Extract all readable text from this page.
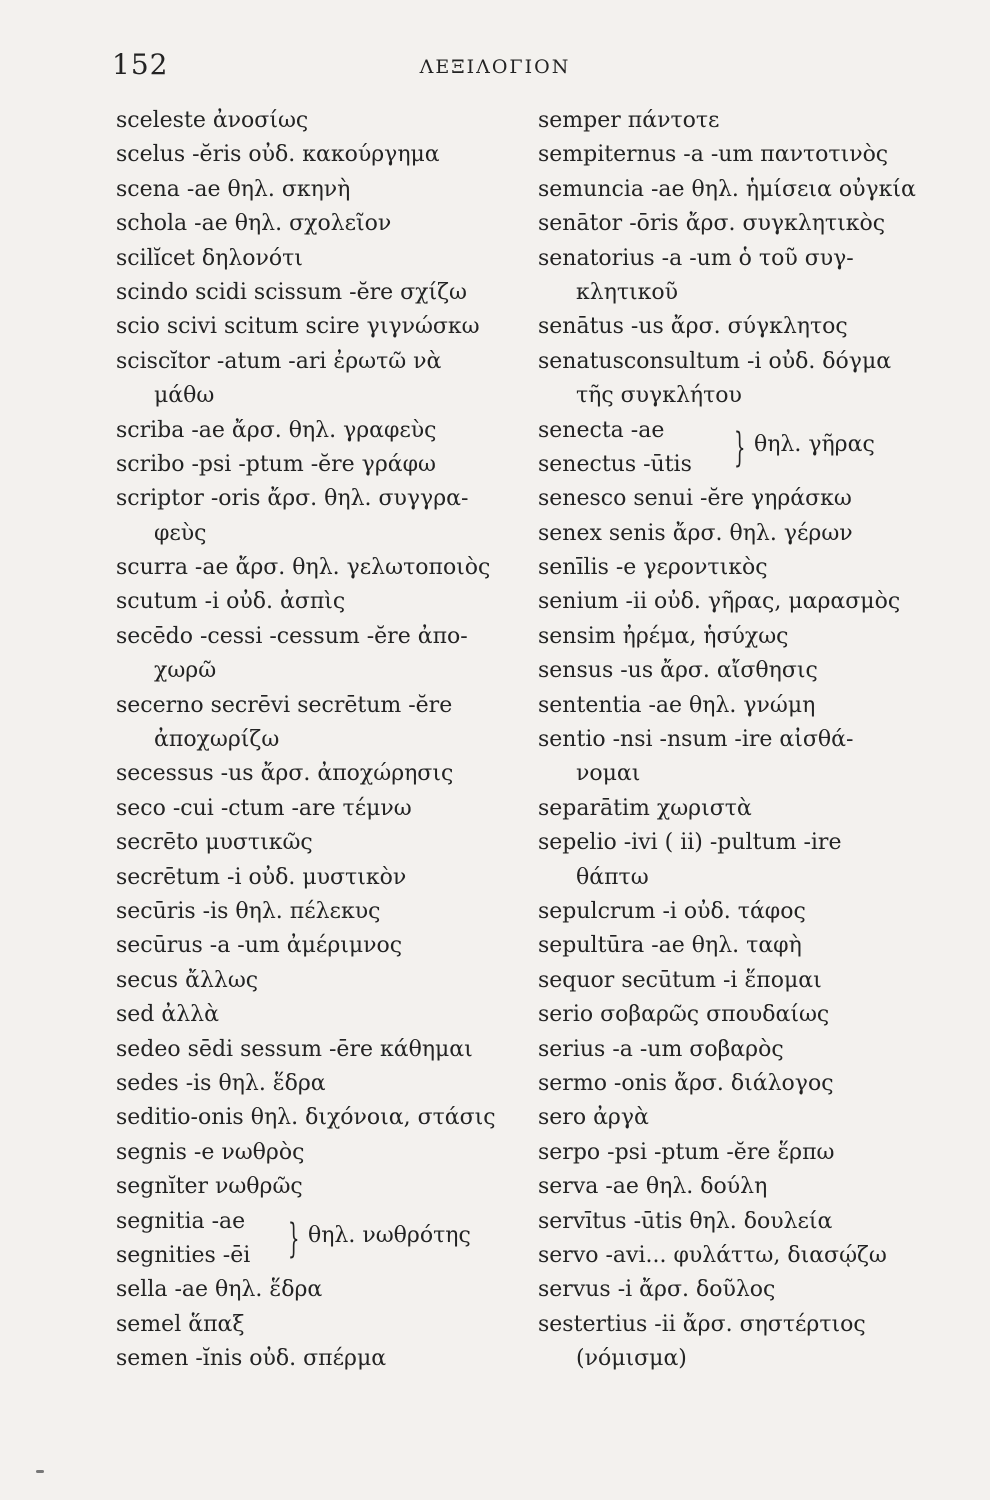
152	ΛΕΞΙΛΟΓΙΟΝ
sceleste ἀνοσίως
scelus -ĕris οὐδ. κακούργημα
scena -ae θηλ. σκηνὴ
schola -ae θηλ. σχολεῖον
scilĭcet δηλονότι
scindo scidi scissum -ĕre σχίζω
scio scivi scitum scire γιγνώσκω
sciscĭtor -atum -ari ἐρωτῶ νὰ
μάθω
scriba -ae ἄρσ. θηλ. γραφεὺς
scribo -psi -ptum -ĕre γράφω
scriptor -oris ἄρσ. θηλ. συγγρα-
φεὺς
scurra -ae ἄρσ. θηλ. γελωτοποιὸς
scutum -i οὐδ. ἀσπὶς
secēdo -cessi -cessum -ĕre ἀπο-
χωρῶ
secerno secrēvi secrētum -ĕre
ἀποχωρίζω
secessus -us ἄρσ. ἀποχώρησις
seco -cui -ctum -are τέμνω
secrēto μυστικῶς
secrētum -i οὐδ. μυστικὸν
secūris -is θηλ. πέλεκυς
secūrus -a -um ἀμέριμνος
secus ἄλλως
sed ἀλλὰ
sedeo sēdi sessum -ēre κάθημαι
sedes -is θηλ. ἕδρα
seditio-onis θηλ. διχόνοια, στάσις
segnis -e νωθρὸς
segnĭter νωθρῶς
segnitia -ae
segnities -ēi } θηλ. νωθρότης
sella -ae θηλ. ἕδρα
semel ἅπαξ
semen -ĭnis οὐδ. σπέρμα
semper πάντοτε
sempiternus -a -um παντοτινὸς
semuncia -ae θηλ. ἡμίσεια οὐγκία
senātor -ōris ἄρσ. συγκλητικὸς
senatorius -a -um ὁ τοῦ συγ-
κλητικοῦ
senātus -us ἄρσ. σύγκλητος
senatusconsultum -i οὐδ. δόγμα
τῆς συγκλήτου
senecta -ae
senectus -ūtis } θηλ. γῆρας
senesco senui -ĕre γηράσκω
senex senis ἄρσ. θηλ. γέρων
senīlis -e γεροντικὸς
senium -ii οὐδ. γῆρας, μαρασμὸς
sensim ἠρέμα, ἡσύχως
sensus -us ἄρσ. αἴσθησις
sententia -ae θηλ. γνώμη
sentio -nsi -nsum -ire αἰσθά-
νομαι
separātim χωριστὰ
sepelio -ivi ( ii) -pultum -ire
θάπτω
sepulcrum -i οὐδ. τάφος
sepultūra -ae θηλ. ταφὴ
sequor secūtum -i ἕπομαι
serio σοβαρῶς σπουδαίως
serius -a -um σοβαρὸς
sermo -onis ἄρσ. διάλογος
sero ἀργὰ
serpo -psi -ptum -ĕre ἕρπω
serva -ae θηλ. δούλη
servītus -ūtis θηλ. δουλεία
servo -avi... φυλάττω, διασῴζω
servus -i ἄρσ. δοῦλος
sestertius -ii ἄρσ. σηστέρτιος
(νόμισμα)
